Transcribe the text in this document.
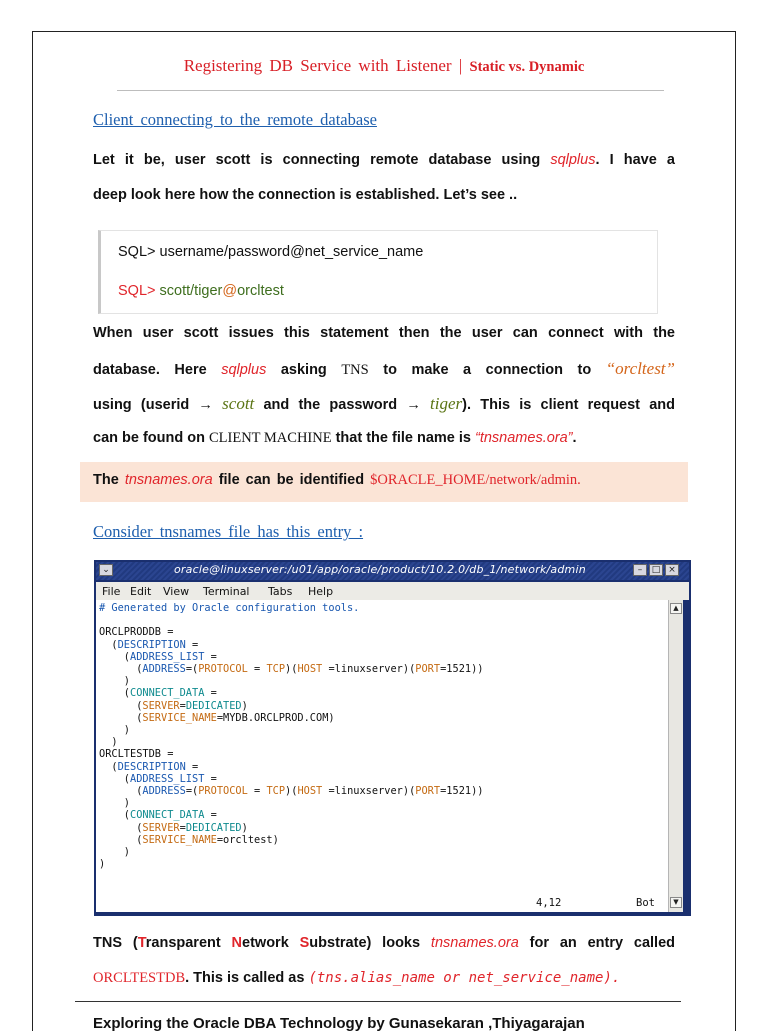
Registering DB Service with Listener | Static vs. Dynamic
Client connecting to the remote database
Let it be, user scott is connecting remote database using sqlplus. I have a
deep look here how the connection is established. Let’s see ..
SQL> username/password@net_service_name
SQL> scott/tiger@orcltest
When user scott issues this statement then the user can connect with the
database. Here sqlplus asking TNS to make a connection to “orcltest”
using (userid → scott and the password → tiger). This is client request and
can be found on CLIENT MACHINE that the file name is “tnsnames.ora”.
The tnsnames.ora file can be identified $ORACLE_HOME/network/admin.
Consider tnsnames file has this entry :
⌄	oracle@linuxserver:/u01/app/oracle/product/10.2.0/db_1/network/admin	–	□ ×
File Edit View Terminal Tabs Help
# Generated by Oracle configuration tools.

ORCLPRODDB =
(DESCRIPTION =
(ADDRESS_LIST =
(ADDRESS=(PROTOCOL = TCP)(HOST =linuxserver)(PORT=1521))
)
(CONNECT_DATA =
(SERVER=DEDICATED)
(SERVICE_NAME=MYDB.ORCLPROD.COM)
)
)
ORCLTESTDB =
(DESCRIPTION =
(ADDRESS_LIST =
(ADDRESS=(PROTOCOL = TCP)(HOST =linuxserver)(PORT=1521))
)
(CONNECT_DATA =
(SERVER=DEDICATED)
(SERVICE_NAME=orcltest)
)
)
▲
▼
4,12	Bot
TNS (Transparent Network Substrate) looks tnsnames.ora for an entry called
ORCLTESTDB. This is called as (tns.alias_name or net_service_name).
Exploring the Oracle DBA Technology by Gunasekaran ,Thiyagarajan
